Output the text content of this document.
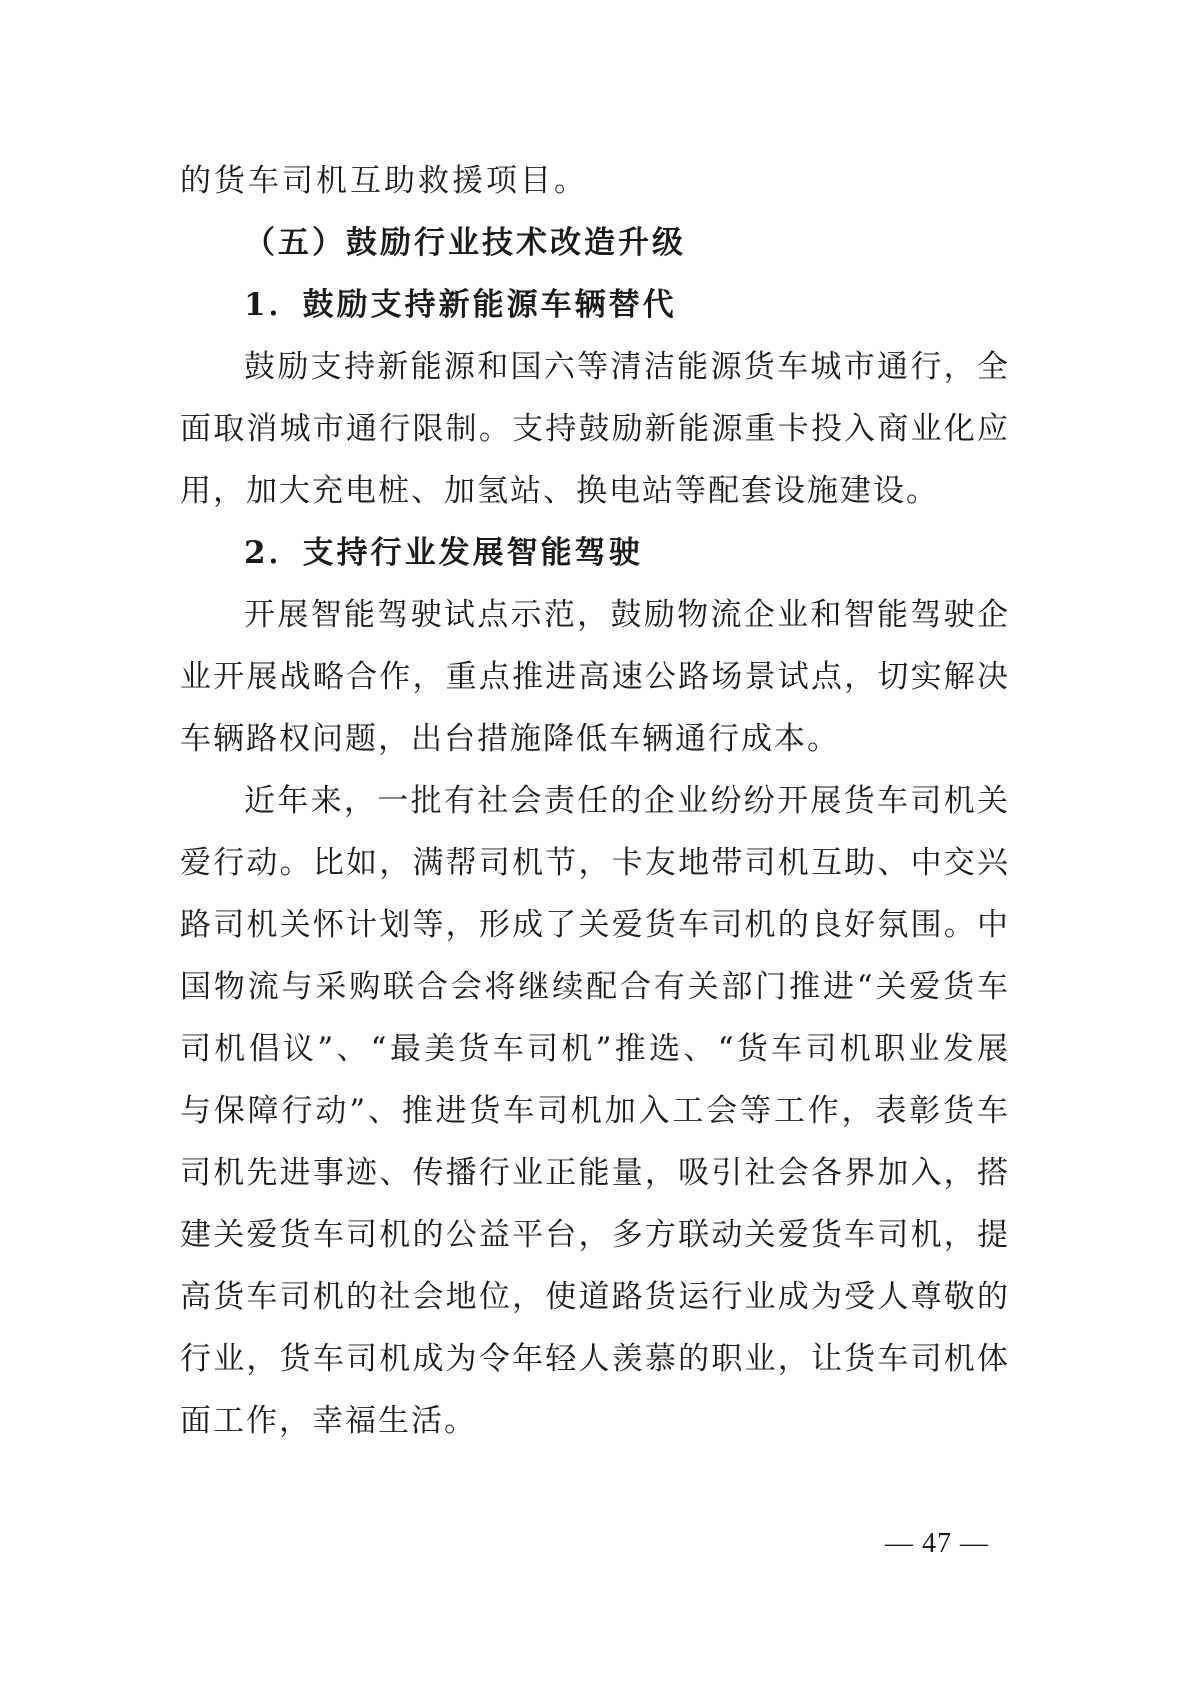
的货车司机互助救援项目。
（五）鼓励行业技术改造升级
1．鼓励支持新能源车辆替代

鼓励支持新能源和国六等清洁能源货车城市通行，全面取消城市通行限制。支持鼓励新能源重卡投入商业化应用，加大充电桩、加氢站、换电站等配套设施建设。

2．支持行业发展智能驾驶

开展智能驾驶试点示范，鼓励物流企业和智能驾驶企业开展战略合作，重点推进高速公路场景试点，切实解决车辆路权问题，出台措施降低车辆通行成本。

近年来，一批有社会责任的企业纷纷开展货车司机关爱行动。比如，满帮司机节，卡友地带司机互助、中交兴路司机关怀计划等，形成了关爱货车司机的良好氛围。中国物流与采购联合会将继续配合有关部门推进“关爱货车司机倡议”、“最美货车司机”推选、“货车司机职业发展与保障行动”、推进货车司机加入工会等工作，表彰货车司机先进事迹、传播行业正能量，吸引社会各界加入，搭建关爱货车司机的公益平台，多方联动关爱货车司机，提高货车司机的社会地位，使道路货运行业成为受人尊敬的行业，货车司机成为令年轻人羡慕的职业，让货车司机体面工作，幸福生活。

— 47 —
